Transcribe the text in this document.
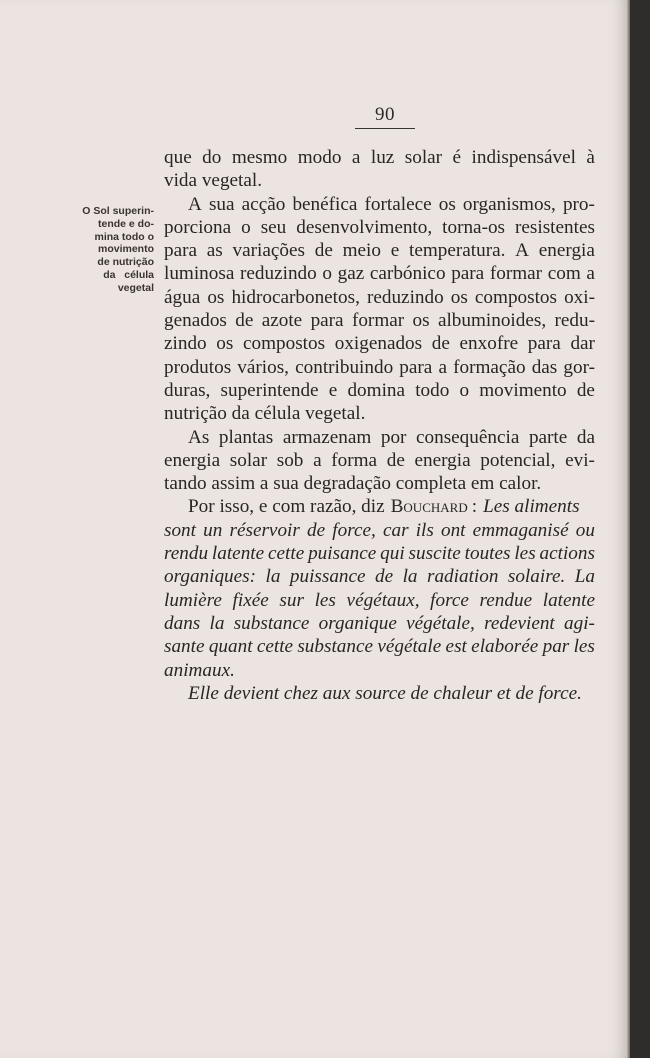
90
O Sol superin-
tende e do-
mina todo o
movimento
de nutrição
da   célula
vegetal
que do mesmo modo a luz solar é indispensável à
vida vegetal.
A sua acção benéfica fortalece os organismos, pro-
porciona o seu desenvolvimento, torna-os resistentes
para as variações de meio e temperatura. A energia
luminosa reduzindo o gaz carbónico para formar com a
água os hidrocarbonetos, reduzindo os compostos oxi-
genados de azote para formar os albuminoides, redu-
zindo os compostos oxigenados de enxofre para dar
produtos vários, contribuindo para a formação das gor-
duras, superintende e domina todo o movimento de
nutrição da célula vegetal.
As plantas armazenam por consequência parte da
energia solar sob a forma de energia potencial, evi-
tando assim a sua degradação completa em calor.
Por isso, e com razão, diz Bouchard : Les aliments
sont un réservoir de force, car ils ont emmaganisé ou
rendu latente cette puisance qui suscite toutes les actions
organiques: la puissance de la radiation solaire. La
lumière fixée sur les végétaux, force rendue latente
dans la substance organique végétale, redevient agi-
sante quant cette substance végétale est elaborée par les
animaux.
Elle devient chez aux source de chaleur et de force.
